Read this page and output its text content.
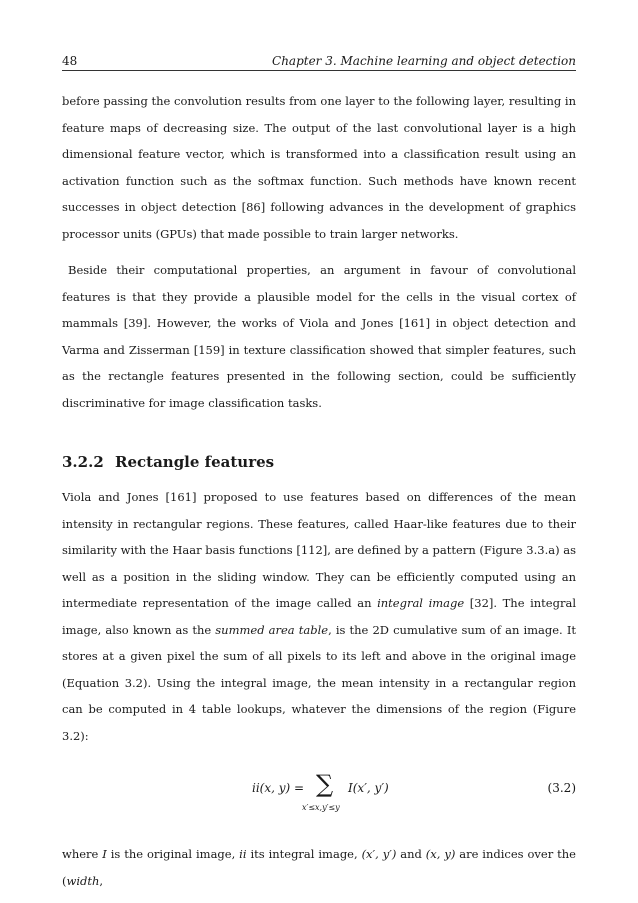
48	Chapter 3. Machine learning and object detection

before passing the convolution results from one layer to the following layer, resulting in feature maps of decreasing size. The output of the last convolutional layer is a high dimensional feature vector, which is transformed into a classification result using an activation function such as the softmax function. Such methods have known recent successes in object detection [86] following advances in the development of graphics processor units (GPUs) that made possible to train larger networks.

Beside their computational properties, an argument in favour of convolutional features is that they provide a plausible model for the cells in the visual cortex of mammals [39]. However, the works of Viola and Jones [161] in object detection and Varma and Zisserman [159] in texture classification showed that simpler features, such as the rectangle features presented in the following section, could be sufficiently discriminative for image classification tasks.

3.2.2 Rectangle features

Viola and Jones [161] proposed to use features based on differences of the mean intensity in rectangular regions. These features, called Haar-like features due to their similarity with the Haar basis functions [112], are defined by a pattern (Figure 3.3.a) as well as a position in the sliding window. They can be efficiently computed using an intermediate representation of the image called an integral image [32]. The integral image, also known as the summed area table, is the 2D cumulative sum of an image. It stores at a given pixel the sum of all pixels to its left and above in the original image (Equation 3.2). Using the integral image, the mean intensity in a rectangular region can be computed in 4 table lookups, whatever the dimensions of the region (Figure 3.2):

ii(x, y) = ∑
x′≤x,y′≤y
I(x′, y′)	(3.2)

where I is the original image, ii its integral image, (x′, y′) and (x, y) are indices over the (width,
